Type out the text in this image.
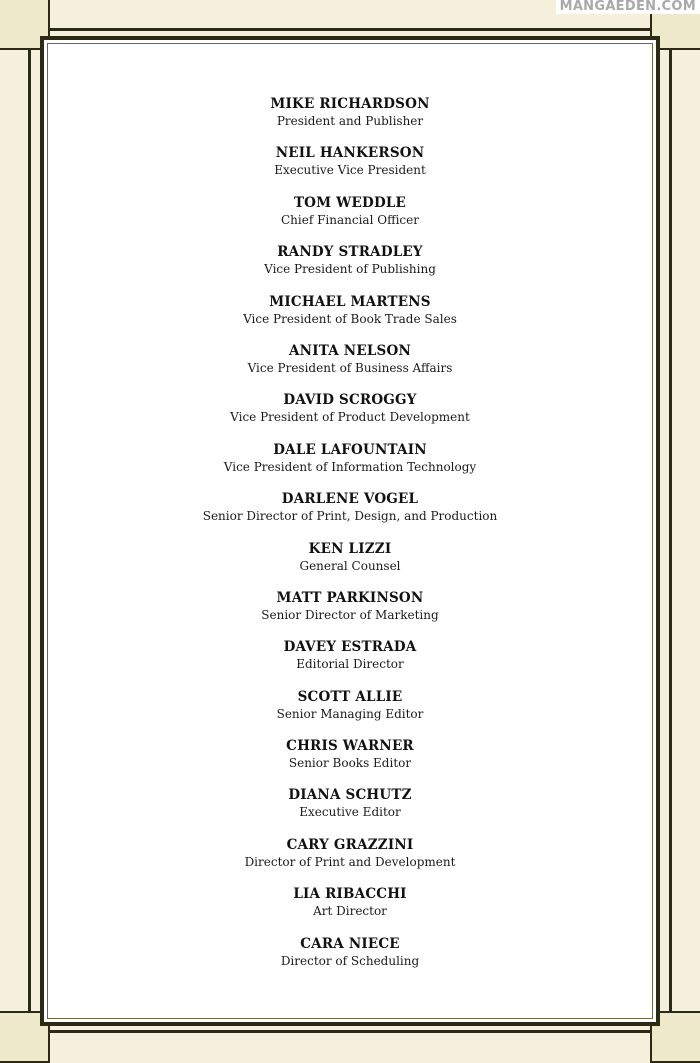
MANGAEDEN.COM
MIKE RICHARDSON
President and Publisher
NEIL HANKERSON
Executive Vice President
TOM WEDDLE
Chief Financial Officer
RANDY STRADLEY
Vice President of Publishing
MICHAEL MARTENS
Vice President of Book Trade Sales
ANITA NELSON
Vice President of Business Affairs
DAVID SCROGGY
Vice President of Product Development
DALE LAFOUNTAIN
Vice President of Information Technology
DARLENE VOGEL
Senior Director of Print, Design, and Production
KEN LIZZI
General Counsel
MATT PARKINSON
Senior Director of Marketing
DAVEY ESTRADA
Editorial Director
SCOTT ALLIE
Senior Managing Editor
CHRIS WARNER
Senior Books Editor
DIANA SCHUTZ
Executive Editor
CARY GRAZZINI
Director of Print and Development
LIA RIBACCHI
Art Director
CARA NIECE
Director of Scheduling
